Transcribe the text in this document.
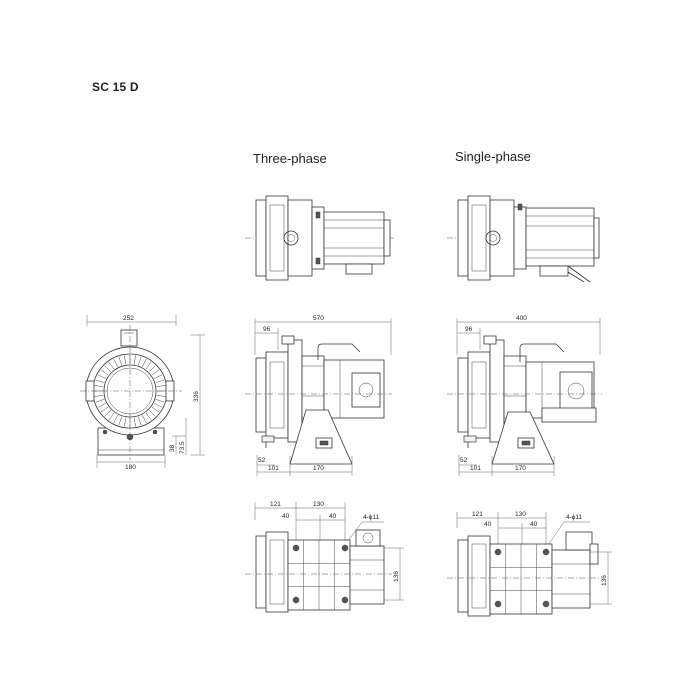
SC 15 D
Three-phase	Single-phase
252
336
38 73.5
180
570
96
52
101	170
400
96
52
101	170
121	130
40	40	4-ϕ11
136
121	130
40	40
4-ϕ11
136
